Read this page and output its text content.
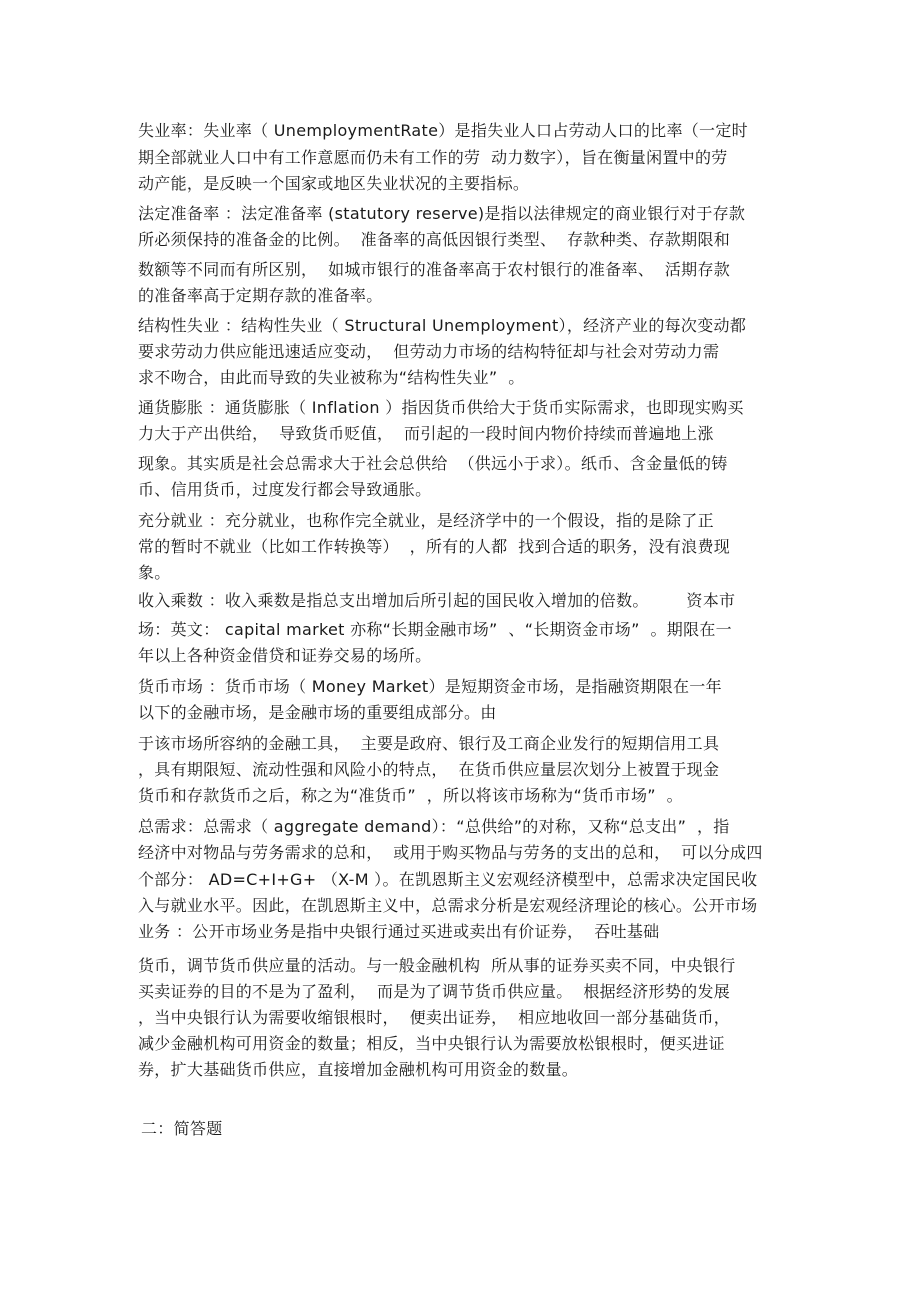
失业率：失业率（ UnemploymentRate）是指失业人口占劳动人口的比率（一定时
期全部就业人口中有工作意愿而仍未有工作的劳  动力数字），旨在衡量闲置中的劳
动产能，是反映一个国家或地区失业状况的主要指标。
法定准备率 ：法定准备率 (statutory reserve)是指以法律规定的商业银行对于存款
所必须保持的准备金的比例。  准备率的高低因银行类型、  存款种类、存款期限和
数额等不同而有所区别，  如城市银行的准备率高于农村银行的准备率、  活期存款
的准备率高于定期存款的准备率。
结构性失业 ：结构性失业（ Structural Unemployment），经济产业的每次变动都
要求劳动力供应能迅速适应变动，  但劳动力市场的结构特征却与社会对劳动力需
求不吻合，由此而导致的失业被称为“结构性失业”  。
通货膨胀 ：通货膨胀（ Inflation ）指因货币供给大于货币实际需求，也即现实购买
力大于产出供给，  导致货币贬值，  而引起的一段时间内物价持续而普遍地上涨
现象。其实质是社会总需求大于社会总供给  （供远小于求）。纸币、含金量低的铸
币、信用货币，过度发行都会导致通胀。
充分就业 ：充分就业，也称作完全就业，是经济学中的一个假设，指的是除了正
常的暂时不就业（比如工作转换等）  ，所有的人都  找到合适的职务，没有浪费现
象。
收入乘数 ：收入乘数是指总支出增加后所引起的国民收入增加的倍数。       资本市
场：英文： capital market 亦称“长期金融市场”  、“长期资金市场”  。期限在一
年以上各种资金借贷和证券交易的场所。
货币市场 ：货币市场（ Money Market）是短期资金市场，是指融资期限在一年
以下的金融市场，是金融市场的重要组成部分。由
于该市场所容纳的金融工具，  主要是政府、银行及工商企业发行的短期信用工具
，具有期限短、流动性强和风险小的特点，  在货币供应量层次划分上被置于现金
货币和存款货币之后，称之为“准货币”  ，所以将该市场称为“货币市场”  。
总需求：总需求（ aggregate demand）：“总供给”的对称，又称“总支出”  ，指
经济中对物品与劳务需求的总和，  或用于购买物品与劳务的支出的总和，  可以分成四
个部分： AD=C+I+G+ （X-M ）。在凯恩斯主义宏观经济模型中，总需求决定国民收
入与就业水平。因此，在凯恩斯主义中，总需求分析是宏观经济理论的核心。公开市场
业务 ：公开市场业务是指中央银行通过买进或卖出有价证券，  吞吐基础
货币，调节货币供应量的活动。与一般金融机构  所从事的证券买卖不同，中央银行
买卖证券的目的不是为了盈利，  而是为了调节货币供应量。  根据经济形势的发展
，当中央银行认为需要收缩银根时，  便卖出证券，  相应地收回一部分基础货币，
减少金融机构可用资金的数量；相反，当中央银行认为需要放松银根时，便买进证
券，扩大基础货币供应，直接增加金融机构可用资金的数量。
二：简答题
